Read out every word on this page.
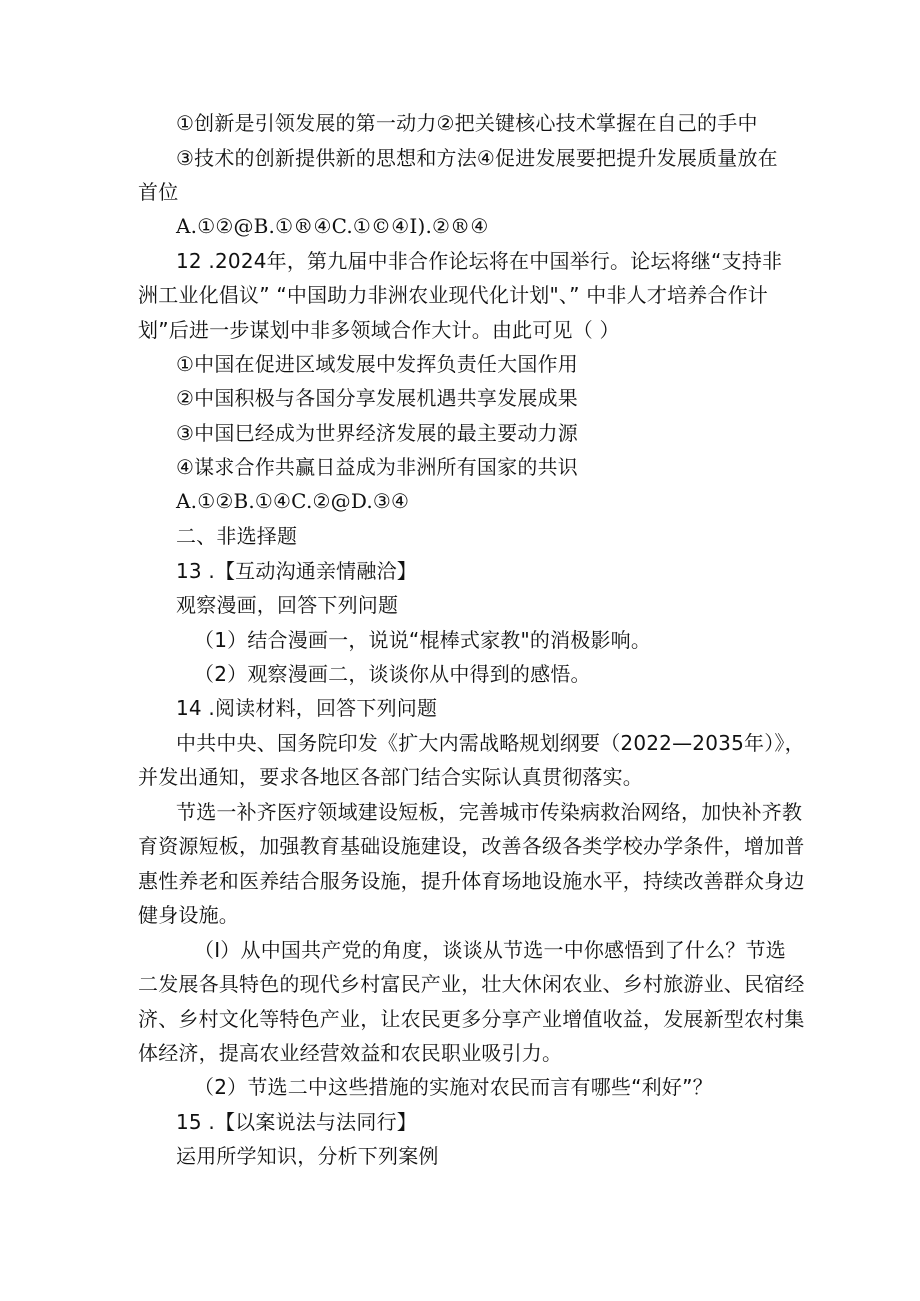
①创新是引领发展的第一动力②把关键核心技术掌握在自己的手中
③技术的创新提供新的思想和方法④促进发展要把提升发展质量放在
首位
A.①②@B.①®④C.①©④I).②®④
12 .2024年，第九届中非合作论坛将在中国举行。论坛将继“支持非
洲工业化倡议” “中国助力非洲农业现代化计划"、” 中非人才培养合作计
划”后进一步谋划中非多领域合作大计。由此可见（ ）
①中国在促进区域发展中发挥负责任大国作用
②中国积极与各国分享发展机遇共享发展成果
③中国巳经成为世界经济发展的最主要动力源
④谋求合作共赢日益成为非洲所有国家的共识
A.①②B.①④C.②@D.③④
二、非选择题
13 .【互动沟通亲情融洽】
观察漫画，回答下列问题
（1）结合漫画一，说说“棍棒式家教"的消极影响。
（2）观察漫画二，谈谈你从中得到的感悟。
14 .阅读材料，回答下列问题
中共中央、国务院印发《扩大内需战略规划纲要（2022—2035年）》，
并发出通知，要求各地区各部门结合实际认真贯彻落实。
节选一补齐医疗领域建设短板，完善城市传染病救治网络，加快补齐教
育资源短板，加强教育基础设施建设，改善各级各类学校办学条件，增加普
惠性养老和医养结合服务设施，提升体育场地设施水平，持续改善群众身边
健身设施。
（I）从中国共产党的角度，谈谈从节选一中你感悟到了什么？节选
二发展各具特色的现代乡村富民产业，壮大休闲农业、乡村旅游业、民宿经
济、乡村文化等特色产业，让农民更多分享产业增值收益，发展新型农村集
体经济，提高农业经营效益和农民职业吸引力。
（2）节选二中这些措施的实施对农民而言有哪些“利好”？
15 .【以案说法与法同行】
运用所学知识，分析下列案例
